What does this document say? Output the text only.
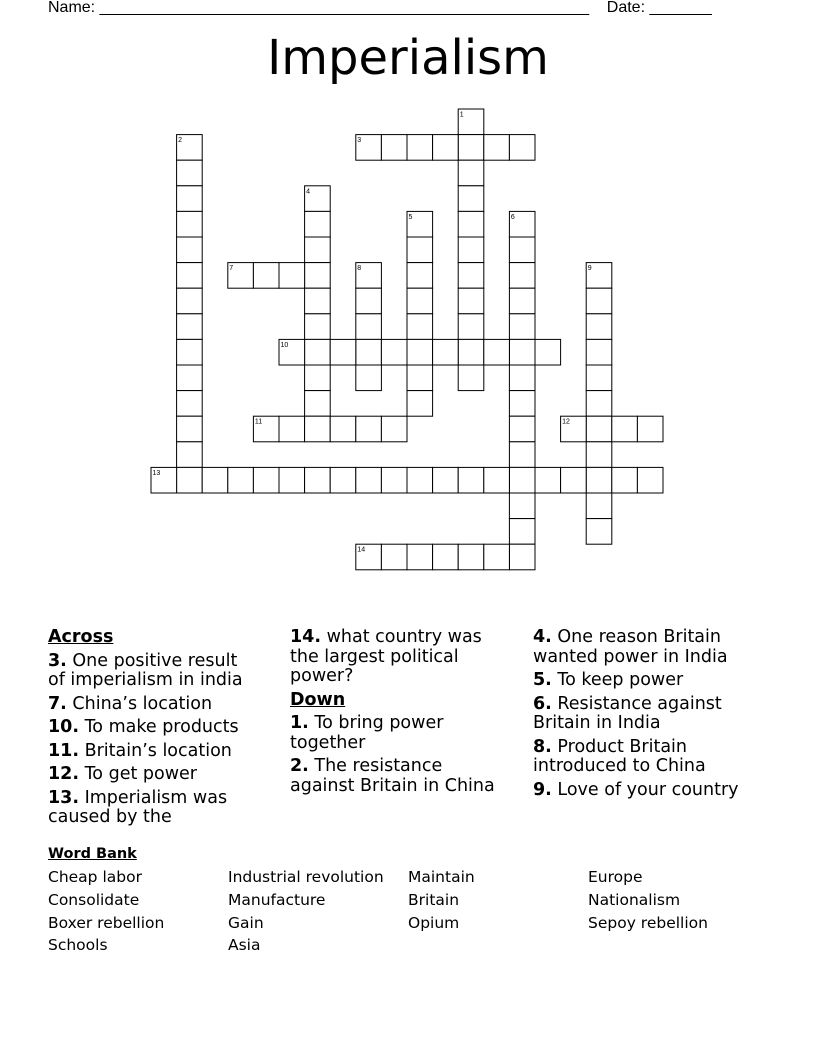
Name: _______________________________________________________ Date: _______
Imperialism
1
2	3
4
5	6
7	8	9
10
11	12
13
14
Across
3. One positive result of imperialism in india
7. China’s location
10. To make products
11. Britain’s location
12. To get power
13. Imperialism was caused by the
14. what country was the largest political power?
Down
1. To bring power together
2. The resistance against Britain in China
4. One reason Britain wanted power in India
5. To keep power
6. Resistance against Britain in India
8. Product Britain introduced to China
9. Love of your country
Word Bank
Cheap labor
Consolidate
Boxer rebellion
Schools
Industrial revolution
Manufacture
Gain
Asia
Maintain
Britain
Opium
Europe
Nationalism
Sepoy rebellion
